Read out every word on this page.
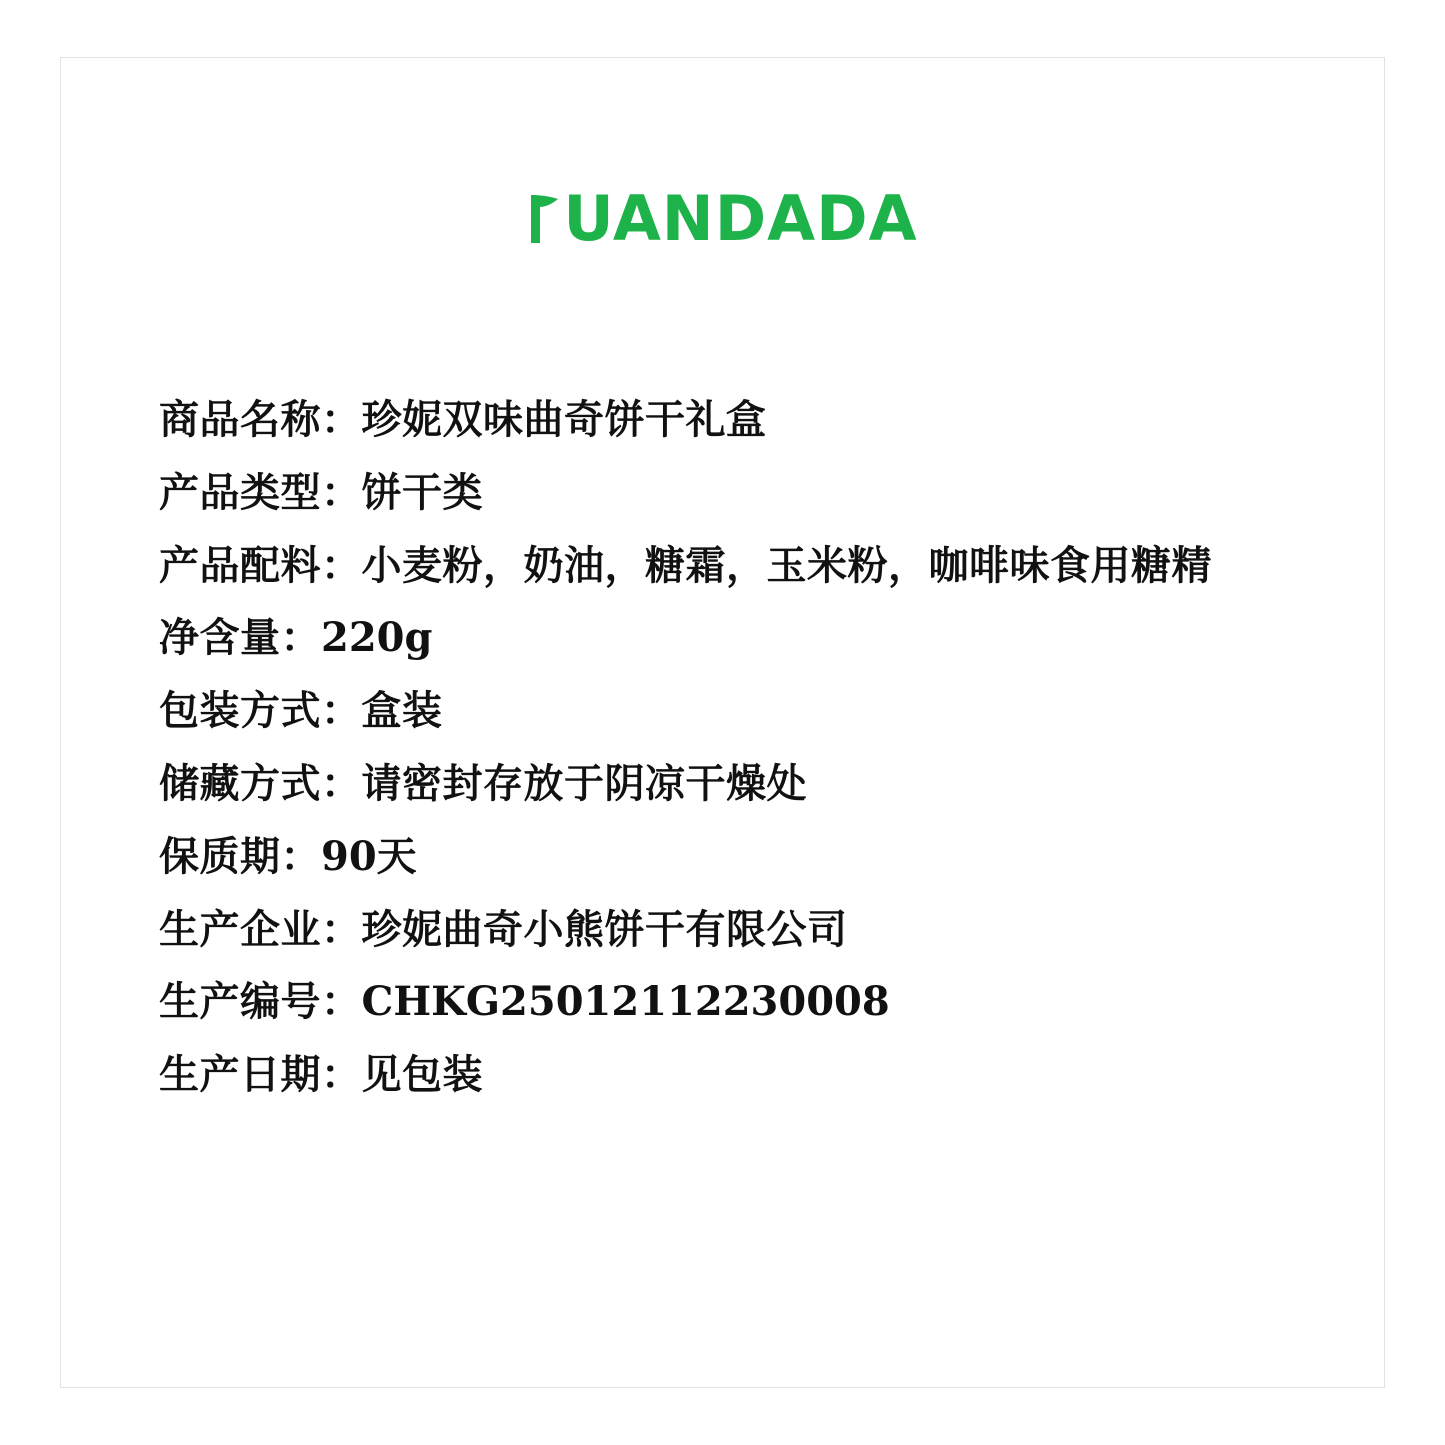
UANDADA

商品名称：珍妮双味曲奇饼干礼盒

产品类型：饼干类

产品配料：小麦粉，奶油，糖霜，玉米粉，咖啡味食用糖精

净含量：220g

包装方式：盒装

储藏方式：请密封存放于阴凉干燥处

保质期：90天

生产企业：珍妮曲奇小熊饼干有限公司

生产编号：CHKG25012112230008

生产日期：见包装
